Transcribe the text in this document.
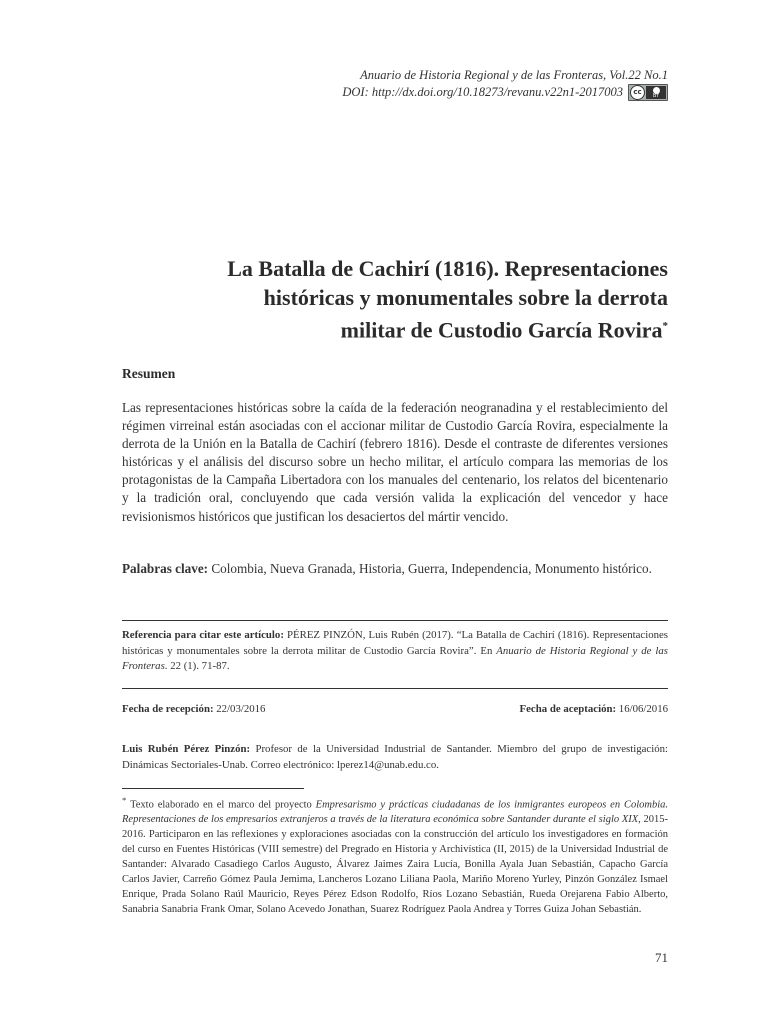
Anuario de Historia Regional y de las Fronteras, Vol.22 No.1
DOI: http://dx.doi.org/10.18273/revanu.v22n1-2017003	cc	BY
La Batalla de Cachirí (1816). Representaciones
históricas y monumentales sobre la derrota
militar de Custodio García Rovira*
Resumen
Las representaciones históricas sobre la caída de la federación neogranadina y el restablecimiento del régimen virreinal están asociadas con el accionar militar de Custodio García Rovira, especialmente la derrota de la Unión en la Batalla de Cachirí (febrero 1816). Desde el contraste de diferentes versiones históricas y el análisis del discurso sobre un hecho militar, el artículo compara las memorias de los protagonistas de la Campaña Libertadora con los manuales del centenario, los relatos del bicentenario y la tradición oral, concluyendo que cada versión valida la explicación del vencedor y hace revisionismos históricos que justifican los desaciertos del mártir vencido.
Palabras clave: Colombia, Nueva Granada, Historia, Guerra, Independencia, Monumento histórico.
Referencia para citar este artículo: PÉREZ PINZÓN, Luis Rubén (2017). “La Batalla de Cachirí (1816). Representaciones históricas y monumentales sobre la derrota militar de Custodio García Rovira”. En Anuario de Historia Regional y de las Fronteras. 22 (1). 71-87.
Fecha de recepción: 22/03/2016	Fecha de aceptación: 16/06/2016
Luis Rubén Pérez Pinzón: Profesor de la Universidad Industrial de Santander. Miembro del grupo de investigación: Dinámicas Sectoriales-Unab. Correo electrónico: lperez14@unab.edu.co.
* Texto elaborado en el marco del proyecto Empresarismo y prácticas ciudadanas de los inmigrantes europeos en Colombia. Representaciones de los empresarios extranjeros a través de la literatura económica sobre Santander durante el siglo XIX, 2015-2016. Participaron en las reflexiones y exploraciones asociadas con la construcción del artículo los investigadores en formación del curso en Fuentes Históricas (VIII semestre) del Pregrado en Historia y Archivística (II, 2015) de la Universidad Industrial de Santander: Alvarado Casadiego Carlos Augusto, Álvarez Jaimes Zaira Lucía, Bonilla Ayala Juan Sebastián, Capacho García Carlos Javier, Carreño Gómez Paula Jemima, Lancheros Lozano Liliana Paola, Mariño Moreno Yurley, Pinzón González Ismael Enrique, Prada Solano Raúl Mauricio, Reyes Pérez Edson Rodolfo, Ríos Lozano Sebastián, Rueda Orejarena Fabio Alberto, Sanabria Sanabria Frank Omar, Solano Acevedo Jonathan, Suarez Rodríguez Paola Andrea y Torres Guiza Johan Sebastián.
71
